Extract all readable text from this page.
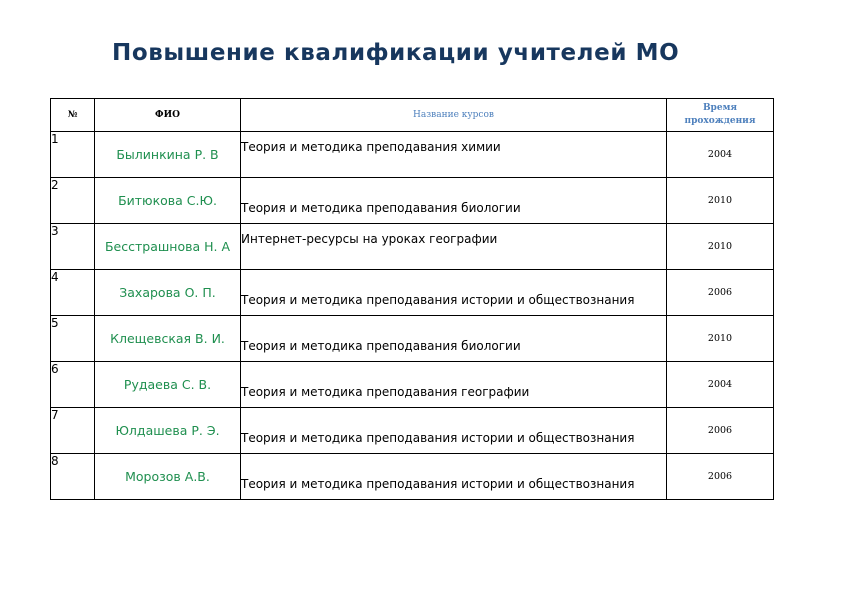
Повышение квалификации учителей МО
№	ФИО	Название курсов	Время прохождения
1	Былинкина Р. В	Теория и методика преподавания химии	2004
2	Битюкова С.Ю.	Теория и методика преподавания биологии	2010
3	Бесстрашнова Н. А	Интернет-ресурсы на уроках географии	2010
4	Захарова О. П.	Теория и методика преподавания истории и обществознания	2006
5	Клещевская В. И.	Теория и методика преподавания биологии	2010
6	Рудаева С. В.	Теория и методика преподавания географии	2004
7	Юлдашева Р. Э.	Теория и методика преподавания истории и обществознания	2006
8	Морозов А.В.	Теория и методика преподавания истории и обществознания	2006
